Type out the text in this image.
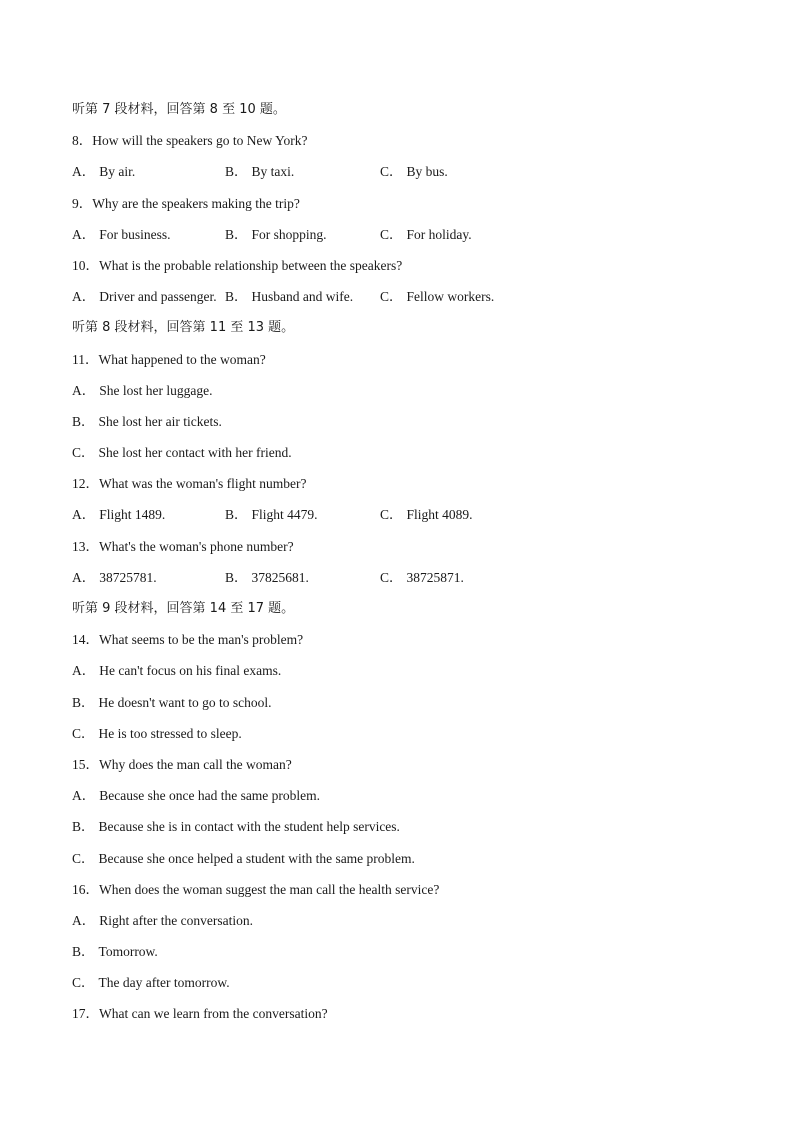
听第 7 段材料，回答第 8 至 10 题。
8．How will the speakers go to New York?
A． By air.	B． By taxi.	C． By bus.
9．Why are the speakers making the trip?
A． For business.	B． For shopping.	C． For holiday.
10．What is the probable relationship between the speakers?
A． Driver and passenger. B． Husband and wife. C． Fellow workers.
听第 8 段材料，回答第 11 至 13 题。
11．What happened to the woman?
A． She lost her luggage.
B． She lost her air tickets.
C． She lost her contact with her friend.
12．What was the woman's flight number?
A． Flight 1489.	B． Flight 4479.	C． Flight 4089.
13．What's the woman's phone number?
A． 38725781.	B． 37825681.	C． 38725871.
听第 9 段材料，回答第 14 至 17 题。
14．What seems to be the man's problem?
A． He can't focus on his final exams.
B． He doesn't want to go to school.
C． He is too stressed to sleep.
15．Why does the man call the woman?
A． Because she once had the same problem.
B． Because she is in contact with the student help services.
C． Because she once helped a student with the same problem.
16．When does the woman suggest the man call the health service?
A． Right after the conversation.
B． Tomorrow.
C． The day after tomorrow.
17．What can we learn from the conversation?
